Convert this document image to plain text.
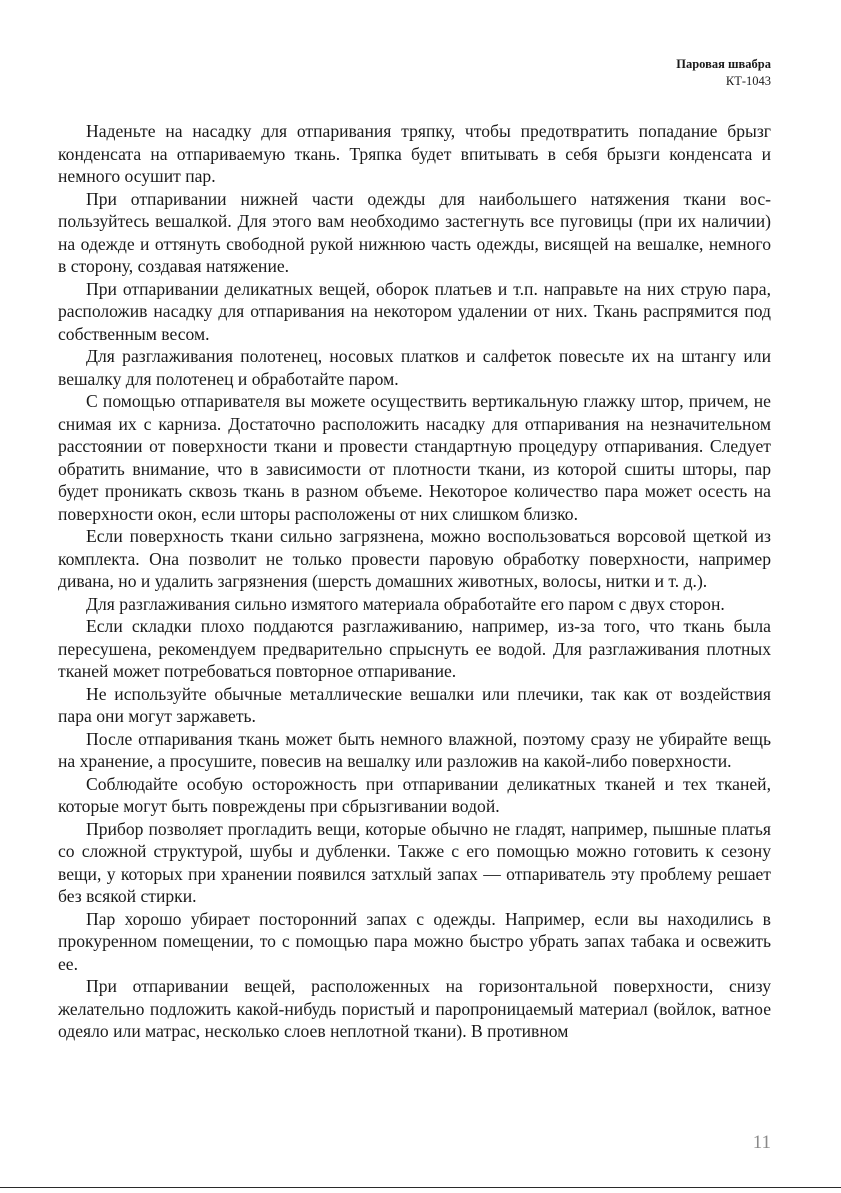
Паровая швабра
КТ-1043

Наденьте на насадку для отпаривания тряпку, чтобы предотвратить попадание брызг конденсата на отпариваемую ткань. Тряпка будет впитывать в себя брызги конденсата и немного осушит пар.

При отпаривании нижней части одежды для наибольшего натяжения ткани воспользуйтесь вешалкой. Для этого вам необходимо застегнуть все пуговицы (при их наличии) на одежде и оттянуть свободной рукой нижнюю часть одежды, висящей на вешалке, немного в сторону, создавая натяжение.

При отпаривании деликатных вещей, оборок платьев и т.п. направьте на них струю пара, расположив насадку для отпаривания на некотором удалении от них. Ткань распрямится под собственным весом.

Для разглаживания полотенец, носовых платков и салфеток повесьте их на штангу или вешалку для полотенец и обработайте паром.

С помощью отпаривателя вы можете осуществить вертикальную глажку штор, причем, не снимая их с карниза. Достаточно расположить насадку для отпаривания на незначительном расстоянии от поверхности ткани и провести стандартную процедуру отпаривания. Следует обратить внимание, что в зависимости от плотности ткани, из которой сшиты шторы, пар будет проникать сквозь ткань в разном объеме. Некоторое количество пара может осесть на поверхности окон, если шторы расположены от них слишком близко.

Если поверхность ткани сильно загрязнена, можно воспользоваться ворсовой щеткой из комплекта. Она позволит не только провести паровую обработку поверхности, например дивана, но и удалить загрязнения (шерсть домашних животных, волосы, нитки и т. д.).

Для разглаживания сильно измятого материала обработайте его паром с двух сторон.

Если складки плохо поддаются разглаживанию, например, из-за того, что ткань была пересушена, рекомендуем предварительно спрыснуть ее водой. Для разглаживания плотных тканей может потребоваться повторное отпаривание.

Не используйте обычные металлические вешалки или плечики, так как от воздействия пара они могут заржаветь.

После отпаривания ткань может быть немного влажной, поэтому сразу не убирайте вещь на хранение, а просушите, повесив на вешалку или разложив на какой-либо поверхности.

Соблюдайте особую осторожность при отпаривании деликатных тканей и тех тканей, которые могут быть повреждены при сбрызгивании водой.

Прибор позволяет прогладить вещи, которые обычно не гладят, например, пышные платья со сложной структурой, шубы и дубленки. Также с его помощью можно готовить к сезону вещи, у которых при хранении появился затхлый запах — отпариватель эту проблему решает без всякой стирки.

Пар хорошо убирает посторонний запах с одежды. Например, если вы находились в прокуренном помещении, то с помощью пара можно быстро убрать запах табака и освежить ее.

При отпаривании вещей, расположенных на горизонтальной поверхности, снизу желательно подложить какой-нибудь пористый и паропроницаемый материал (войлок, ватное одеяло или матрас, несколько слоев неплотной ткани). В противном

11
